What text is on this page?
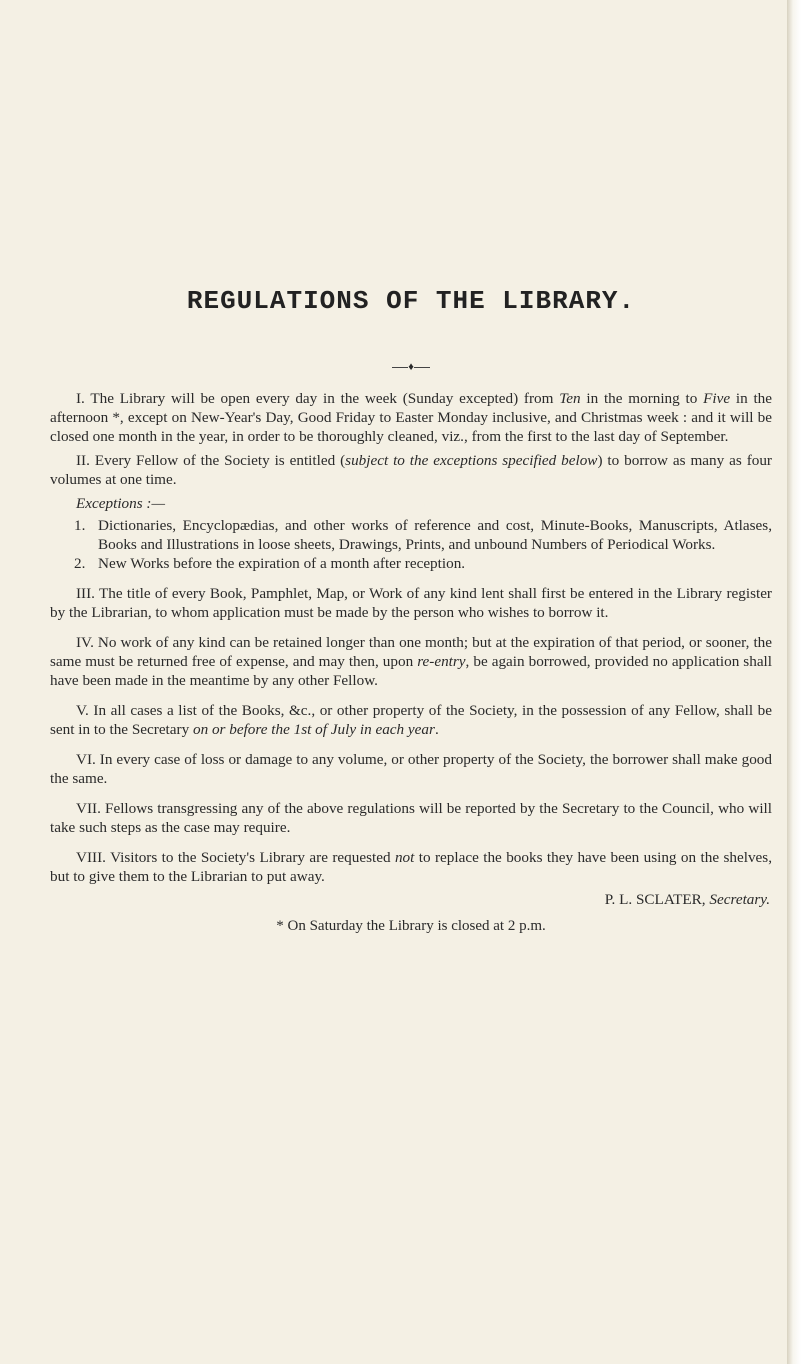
REGULATIONS OF THE LIBRARY.
♦

I. The Library will be open every day in the week (Sunday excepted) from Ten in the morning to Five in the afternoon *, except on New-Year's Day, Good Friday to Easter Monday inclusive, and Christmas week : and it will be closed one month in the year, in order to be thoroughly cleaned, viz., from the first to the last day of September.

II. Every Fellow of the Society is entitled (subject to the exceptions specified below) to borrow as many as four volumes at one time.

Exceptions :—

1. Dictionaries, Encyclopædias, and other works of reference and cost, Minute-Books, Manuscripts, Atlases, Books and Illustrations in loose sheets, Drawings, Prints, and unbound Numbers of Periodical Works.

2. New Works before the expiration of a month after reception.

III. The title of every Book, Pamphlet, Map, or Work of any kind lent shall first be entered in the Library register by the Librarian, to whom application must be made by the person who wishes to borrow it.

IV. No work of any kind can be retained longer than one month; but at the expiration of that period, or sooner, the same must be returned free of expense, and may then, upon re-entry, be again borrowed, provided no application shall have been made in the meantime by any other Fellow.

V. In all cases a list of the Books, &c., or other property of the Society, in the possession of any Fellow, shall be sent in to the Secretary on or before the 1st of July in each year.

VI. In every case of loss or damage to any volume, or other property of the Society, the borrower shall make good the same.

VII. Fellows transgressing any of the above regulations will be reported by the Secretary to the Council, who will take such steps as the case may require.

VIII. Visitors to the Society's Library are requested not to replace the books they have been using on the shelves, but to give them to the Librarian to put away.

P. L. SCLATER, Secretary.

* On Saturday the Library is closed at 2 p.m.
